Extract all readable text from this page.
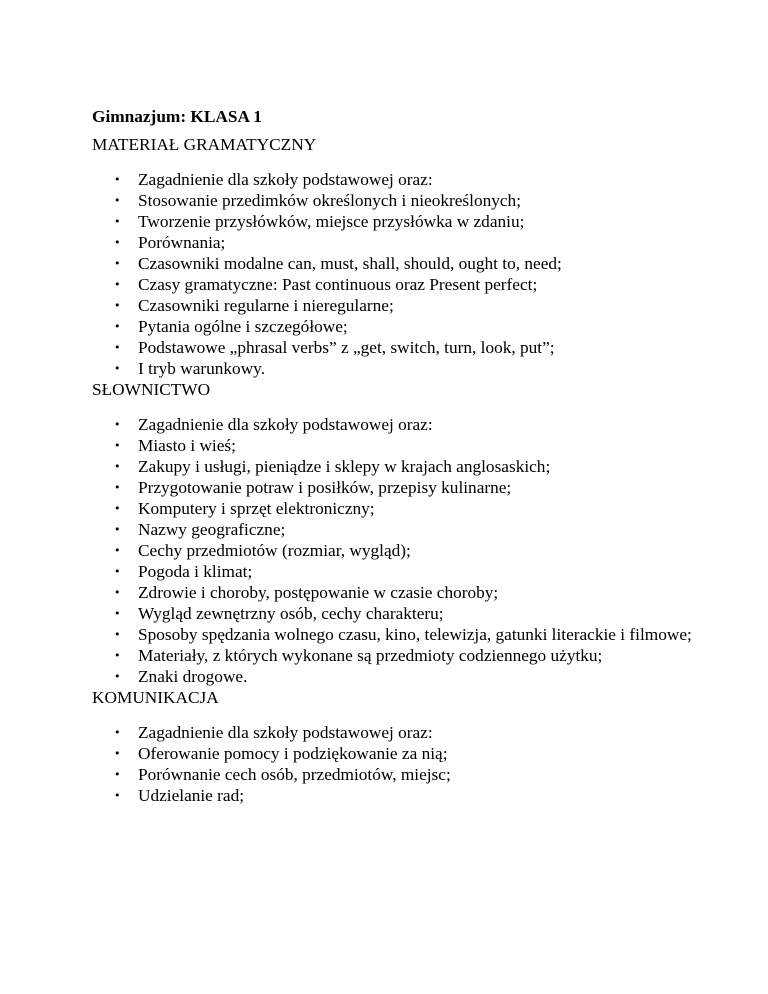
Gimnazjum: KLASA 1
MATERIAŁ GRAMATYCZNY
• Zagadnienie dla szkoły podstawowej oraz:
• Stosowanie przedimków określonych i nieokreślonych;
• Tworzenie przysłówków, miejsce przysłówka w zdaniu;
• Porównania;
• Czasowniki modalne can, must, shall, should, ought to, need;
• Czasy gramatyczne: Past continuous oraz Present perfect;
• Czasowniki regularne i nieregularne;
• Pytania ogólne i szczegółowe;
• Podstawowe „phrasal verbs” z „get, switch, turn, look, put”;
• I tryb warunkowy.
SŁOWNICTWO
• Zagadnienie dla szkoły podstawowej oraz:
• Miasto i wieś;
• Zakupy i usługi, pieniądze i sklepy w krajach anglosaskich;
• Przygotowanie potraw i posiłków, przepisy kulinarne;
• Komputery i sprzęt elektroniczny;
• Nazwy geograficzne;
• Cechy przedmiotów (rozmiar, wygląd);
• Pogoda i klimat;
• Zdrowie i choroby, postępowanie w czasie choroby;
• Wygląd zewnętrzny osób, cechy charakteru;
• Sposoby spędzania wolnego czasu, kino, telewizja, gatunki literackie i filmowe;
• Materiały, z których wykonane są przedmioty codziennego użytku;
• Znaki drogowe.
KOMUNIKACJA
• Zagadnienie dla szkoły podstawowej oraz:
• Oferowanie pomocy i podziękowanie za nią;
• Porównanie cech osób, przedmiotów, miejsc;
• Udzielanie rad;
